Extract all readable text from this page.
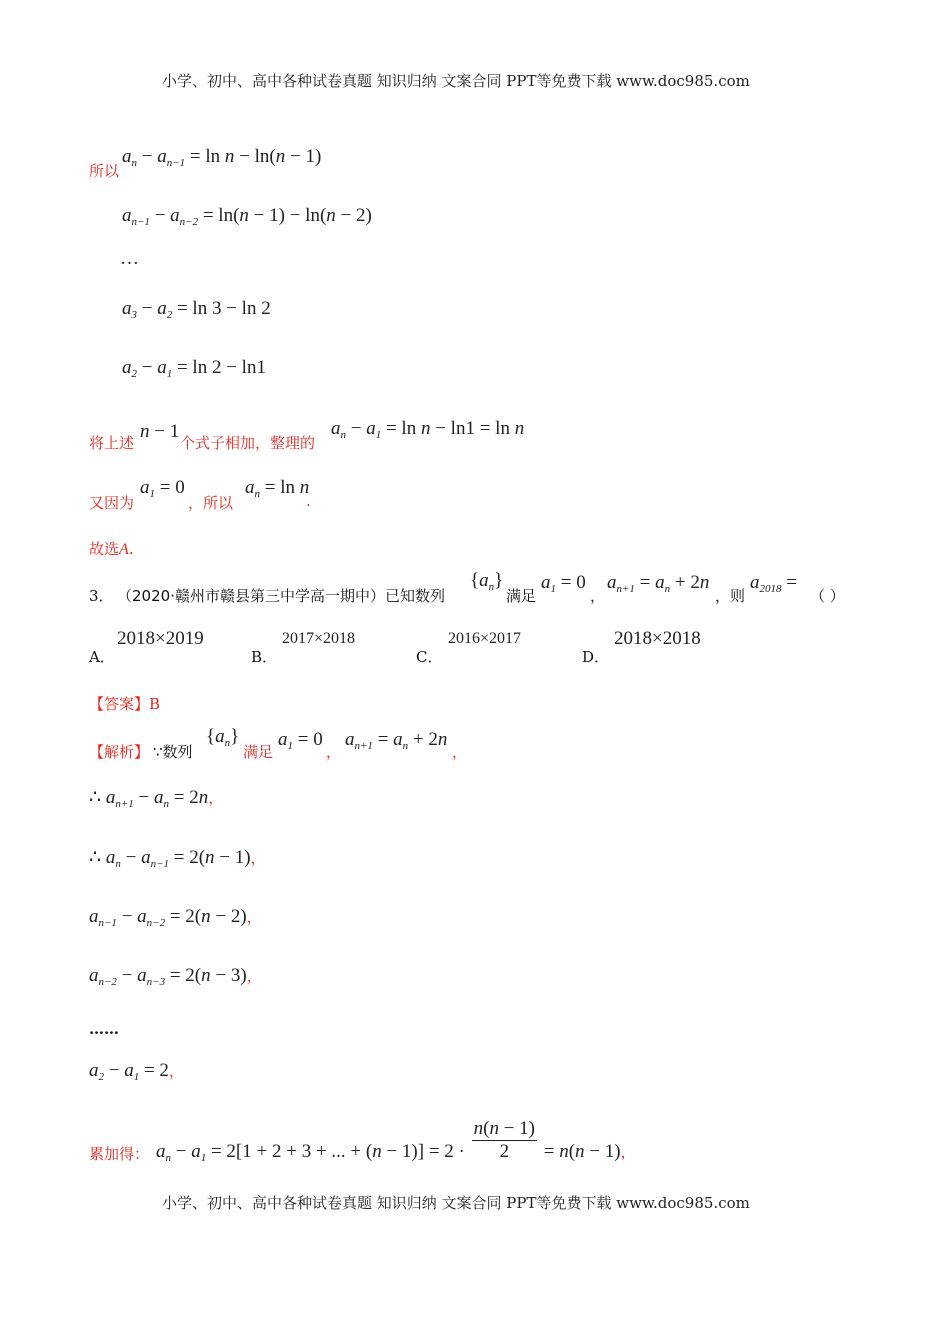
小学、初中、高中各种试卷真题 知识归纳 文案合同 PPT等免费下载 www.doc985.com
所以
$a_n - a_{n-1} = \ln n - \ln(n - 1)$
$a_{n-1} - a_{n-2} = \ln(n - 1) - \ln(n - 2)$
…
$a_3 - a_2 = \ln 3 - \ln 2$
$a_2 - a_1 = \ln 2 - \ln 1$
将上述
n − 1
个式子相加，整理的
$a_n - a_1 = \ln n - \ln 1 = \ln n$
又因为
$a_1 = 0$
，所以
$a_n = \ln n$
.
故选A.
3． （2020·赣州市赣县第三中学高一期中）已知数列
$\{a_n\}$
满足
$a_1 = 0$
，
$a_{n+1} = a_n + 2n$
，则
$a_{2018}$ =
（ ）
A．
2018×2019
B．
2017×2018
C．
2016×2017
D．
2018×2018
【答案】B
【解析】 ∵数列
$\{a_n\}$
满足
$a_1 = 0$
，
$a_{n+1} = a_n + 2n$
，
∴ $a_{n+1} - a_n = 2n$，
∴ $a_n - a_{n-1} = 2(n - 1)$，
$a_{n-1} - a_{n-2} = 2(n - 2)$，
$a_{n-2} - a_{n-3} = 2(n - 3)$，
……
$a_2 - a_1 = 2$，
累加得： $a_n - a_1 = 2[1 + 2 + 3$ + ... + $(n - 1)] = 2 \cdot \frac{n(n - 1)}{2} = n(n - 1)$，
小学、初中、高中各种试卷真题 知识归纳 文案合同 PPT等免费下载 www.doc985.com
